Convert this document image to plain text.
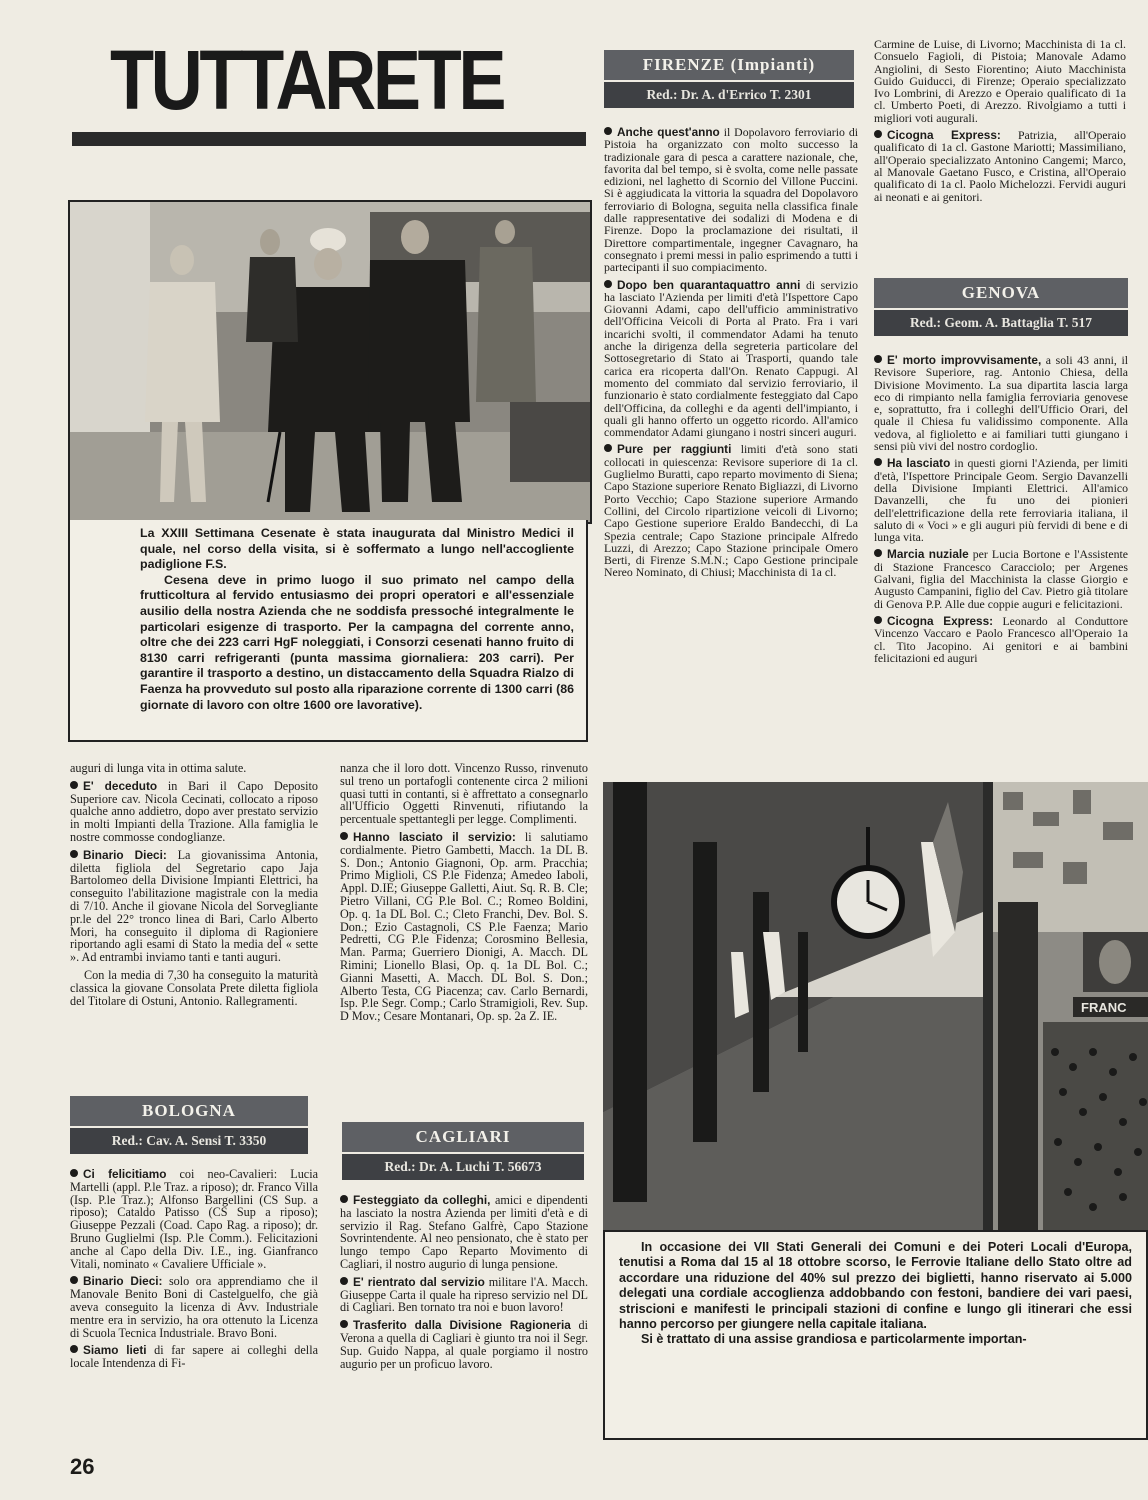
TUTTARETE

La XXIII Settimana Cesenate è stata inaugurata dal Ministro Medici il quale, nel corso della visita, si è soffermato a lungo nell'accogliente padiglione F.S.

Cesena deve in primo luogo il suo primato nel campo della frutticoltura al fervido entusiasmo dei propri operatori e all'essenziale ausilio della nostra Azienda che ne soddisfa pressoché integralmente le particolari esigenze di trasporto. Per la campagna del corrente anno, oltre che dei 223 carri HgF noleggiati, i Consorzi cesenati hanno fruito di 8130 carri refrigeranti (punta massima giornaliera: 203 carri). Per garantire il trasporto a destino, un distaccamento della Squadra Rialzo di Faenza ha provveduto sul posto alla riparazione corrente di 1300 carri (86 giornate di lavoro con oltre 1600 ore lavorative).

auguri di lunga vita in ottima salute.

E' deceduto in Bari il Capo Deposito Superiore cav. Nicola Cecinati, collocato a riposo qualche anno addietro, dopo aver prestato servizio in molti Impianti della Trazione. Alla famiglia le nostre commosse condoglianze.

Binario Dieci: La giovanissima Antonia, diletta figliola del Segretario capo Jaja Bartolomeo della Divisione Impianti Elettrici, ha conseguito l'abilitazione magistrale con la media di 7/10. Anche il giovane Nicola del Sorvegliante pr.le del 22° tronco linea di Bari, Carlo Alberto Mori, ha conseguito il diploma di Ragioniere riportando agli esami di Stato la media del « sette ». Ad entrambi inviamo tanti e tanti auguri.

Con la media di 7,30 ha conseguito la maturità classica la giovane Consolata Prete diletta figliola del Titolare di Ostuni, Antonio. Rallegramenti.

BOLOGNA
Red.: Cav. A. Sensi T. 3350

Ci felicitiamo coi neo-Cavalieri: Lucia Martelli (appl. P.le Traz. a riposo); dr. Franco Villa (Isp. P.le Traz.); Alfonso Bargellini (CS Sup. a riposo); Cataldo Patisso (CS Sup a riposo); Giuseppe Pezzali (Coad. Capo Rag. a riposo); dr. Bruno Guglielmi (Isp. P.le Comm.). Felicitazioni anche al Capo della Div. I.E., ing. Gianfranco Vitali, nominato « Cavaliere Ufficiale ».

Binario Dieci: solo ora apprendiamo che il Manovale Benito Boni di Castelguelfo, che già aveva conseguito la licenza di Avv. Industriale mentre era in servizio, ha ora ottenuto la Licenza di Scuola Tecnica Industriale. Bravo Boni.

Siamo lieti di far sapere ai colleghi della locale Intendenza di Fi-

nanza che il loro dott. Vincenzo Russo, rinvenuto sul treno un portafogli contenente circa 2 milioni quasi tutti in contanti, si è affrettato a consegnarlo all'Ufficio Oggetti Rinvenuti, rifiutando la percentuale spettantegli per legge. Complimenti.

Hanno lasciato il servizio: li salutiamo cordialmente. Pietro Gambetti, Macch. 1a DL B. S. Don.; Antonio Giagnoni, Op. arm. Pracchia; Primo Miglioli, CS P.le Fidenza; Amedeo Iaboli, Appl. D.IE; Giuseppe Galletti, Aiut. Sq. R. B. Cle; Pietro Villani, CG P.le Bol. C.; Romeo Boldini, Op. q. 1a DL Bol. C.; Cleto Franchi, Dev. Bol. S. Don.; Ezio Castagnoli, CS P.le Faenza; Mario Pedretti, CG P.le Fidenza; Corosmino Bellesia, Man. Parma; Guerriero Dionigi, A. Macch. DL Rimini; Lionello Blasi, Op. q. 1a DL Bol. C.; Gianni Masetti, A. Macch. DL Bol. S. Don.; Alberto Testa, CG Piacenza; cav. Carlo Bernardi, Isp. P.le Segr. Comp.; Carlo Stramigioli, Rev. Sup. D Mov.; Cesare Montanari, Op. sp. 2a Z. IE.

CAGLIARI
Red.: Dr. A. Luchi T. 56673

Festeggiato da colleghi, amici e dipendenti ha lasciato la nostra Azienda per limiti d'età e di servizio il Rag. Stefano Galfrè, Capo Stazione Sovrintendente. Al neo pensionato, che è stato per lungo tempo Capo Reparto Movimento di Cagliari, il nostro augurio di lunga pensione.

E' rientrato dal servizio militare l'A. Macch. Giuseppe Carta il quale ha ripreso servizio nel DL di Cagliari. Ben tornato tra noi e buon lavoro!

Trasferito dalla Divisione Ragioneria di Verona a quella di Cagliari è giunto tra noi il Segr. Sup. Guido Nappa, al quale porgiamo il nostro augurio per un proficuo lavoro.

FIRENZE (Impianti)
Red.: Dr. A. d'Errico T. 2301

Anche quest'anno il Dopolavoro ferroviario di Pistoia ha organizzato con molto successo la tradizionale gara di pesca a carattere nazionale, che, favorita dal bel tempo, si è svolta, come nelle passate edizioni, nel laghetto di Scornio del Villone Puccini. Si è aggiudicata la vittoria la squadra del Dopolavoro ferroviario di Bologna, seguita nella classifica finale dalle rappresentative dei sodalizi di Modena e di Firenze. Dopo la proclamazione dei risultati, il Direttore compartimentale, ingegner Cavagnaro, ha consegnato i premi messi in palio esprimendo a tutti i partecipanti il suo compiacimento.

Dopo ben quarantaquattro anni di servizio ha lasciato l'Azienda per limiti d'età l'Ispettore Capo Giovanni Adami, capo dell'ufficio amministrativo dell'Officina Veicoli di Porta al Prato. Fra i vari incarichi svolti, il commendator Adami ha tenuto anche la dirigenza della segreteria particolare del Sottosegretario di Stato ai Trasporti, quando tale carica era ricoperta dall'On. Renato Cappugi. Al momento del commiato dal servizio ferroviario, il funzionario è stato cordialmente festeggiato dal Capo dell'Officina, da colleghi e da agenti dell'impianto, i quali gli hanno offerto un oggetto ricordo. All'amico commendator Adami giungano i nostri sinceri auguri.

Pure per raggiunti limiti d'età sono stati collocati in quiescenza: Revisore superiore di 1a cl. Guglielmo Buratti, capo reparto movimento di Siena; Capo Stazione superiore Renato Bigliazzi, di Livorno Porto Vecchio; Capo Stazione superiore Armando Collini, del Circolo ripartizione veicoli di Livorno; Capo Gestione superiore Eraldo Bandecchi, di La Spezia centrale; Capo Stazione principale Alfredo Luzzi, di Arezzo; Capo Stazione principale Omero Berti, di Firenze S.M.N.; Capo Gestione principale Nereo Nominato, di Chiusi; Macchinista di 1a cl.

Carmine de Luise, di Livorno; Macchinista di 1a cl. Consuelo Fagioli, di Pistoia; Manovale Adamo Angiolini, di Sesto Fiorentino; Aiuto Macchinista Guido Guiducci, di Firenze; Operaio specializzato Ivo Lombrini, di Arezzo e Operaio qualificato di 1a cl. Umberto Poeti, di Arezzo. Rivolgiamo a tutti i migliori voti augurali.

Cicogna Express: Patrizia, all'Operaio qualificato di 1a cl. Gastone Mariotti; Massimiliano, all'Operaio specializzato Antonino Cangemi; Marco, al Manovale Gaetano Fusco, e Cristina, all'Operaio qualificato di 1a cl. Paolo Michelozzi. Fervidi auguri ai neonati e ai genitori.

GENOVA
Red.: Geom. A. Battaglia T. 517

E' morto improvvisamente, a soli 43 anni, il Revisore Superiore, rag. Antonio Chiesa, della Divisione Movimento. La sua dipartita lascia larga eco di rimpianto nella famiglia ferroviaria genovese e, soprattutto, fra i colleghi dell'Ufficio Orari, del quale il Chiesa fu validissimo componente. Alla vedova, al figlioletto e ai familiari tutti giungano i sensi più vivi del nostro cordoglio.

Ha lasciato in questi giorni l'Azienda, per limiti d'età, l'Ispettore Principale Geom. Sergio Davanzelli della Divisione Impianti Elettrici. All'amico Davanzelli, che fu uno dei pionieri dell'elettrificazione della rete ferroviaria italiana, il saluto di « Voci » e gli auguri più fervidi di bene e di lunga vita.

Marcia nuziale per Lucia Bortone e l'Assistente di Stazione Francesco Caracciolo; per Argenes Galvani, figlia del Macchinista la classe Giorgio e Augusto Campanini, figlio del Cav. Pietro già titolare di Genova P.P. Alle due coppie auguri e felicitazioni.

Cicogna Express: Leonardo al Conduttore Vincenzo Vaccaro e Paolo Francesco all'Operaio 1a cl. Tito Jacopino. Ai genitori e ai bambini felicitazioni ed auguri

FRANC

In occasione dei VII Stati Generali dei Comuni e dei Poteri Locali d'Europa, tenutisi a Roma dal 15 al 18 ottobre scorso, le Ferrovie Italiane dello Stato oltre ad accordare una riduzione del 40% sul prezzo dei biglietti, hanno riservato ai 5.000 delegati una cordiale accoglienza addobbando con festoni, bandiere dei vari paesi, striscioni e manifesti le principali stazioni di confine e lungo gli itinerari che essi hanno percorso per giungere nella capitale italiana.

Si è trattato di una assise grandiosa e particolarmente importan-

26
